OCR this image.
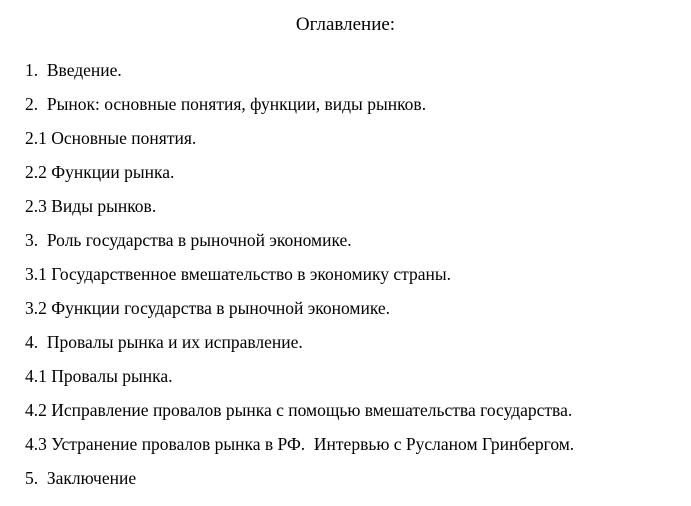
Оглавление:
1.  Введение.
2.  Рынок: основные понятия, функции, виды рынков.
2.1 Основные понятия.
2.2 Функции рынка.
2.3 Виды рынков.
3.  Роль государства в рыночной экономике.
3.1 Государственное вмешательство в экономику страны.
3.2 Функции государства в рыночной экономике.
4.  Провалы рынка и их исправление.
4.1 Провалы рынка.
4.2 Исправление провалов рынка с помощью вмешательства государства.
4.3 Устранение провалов рынка в РФ.  Интервью с Русланом Гринбергом.
5.  Заключение
